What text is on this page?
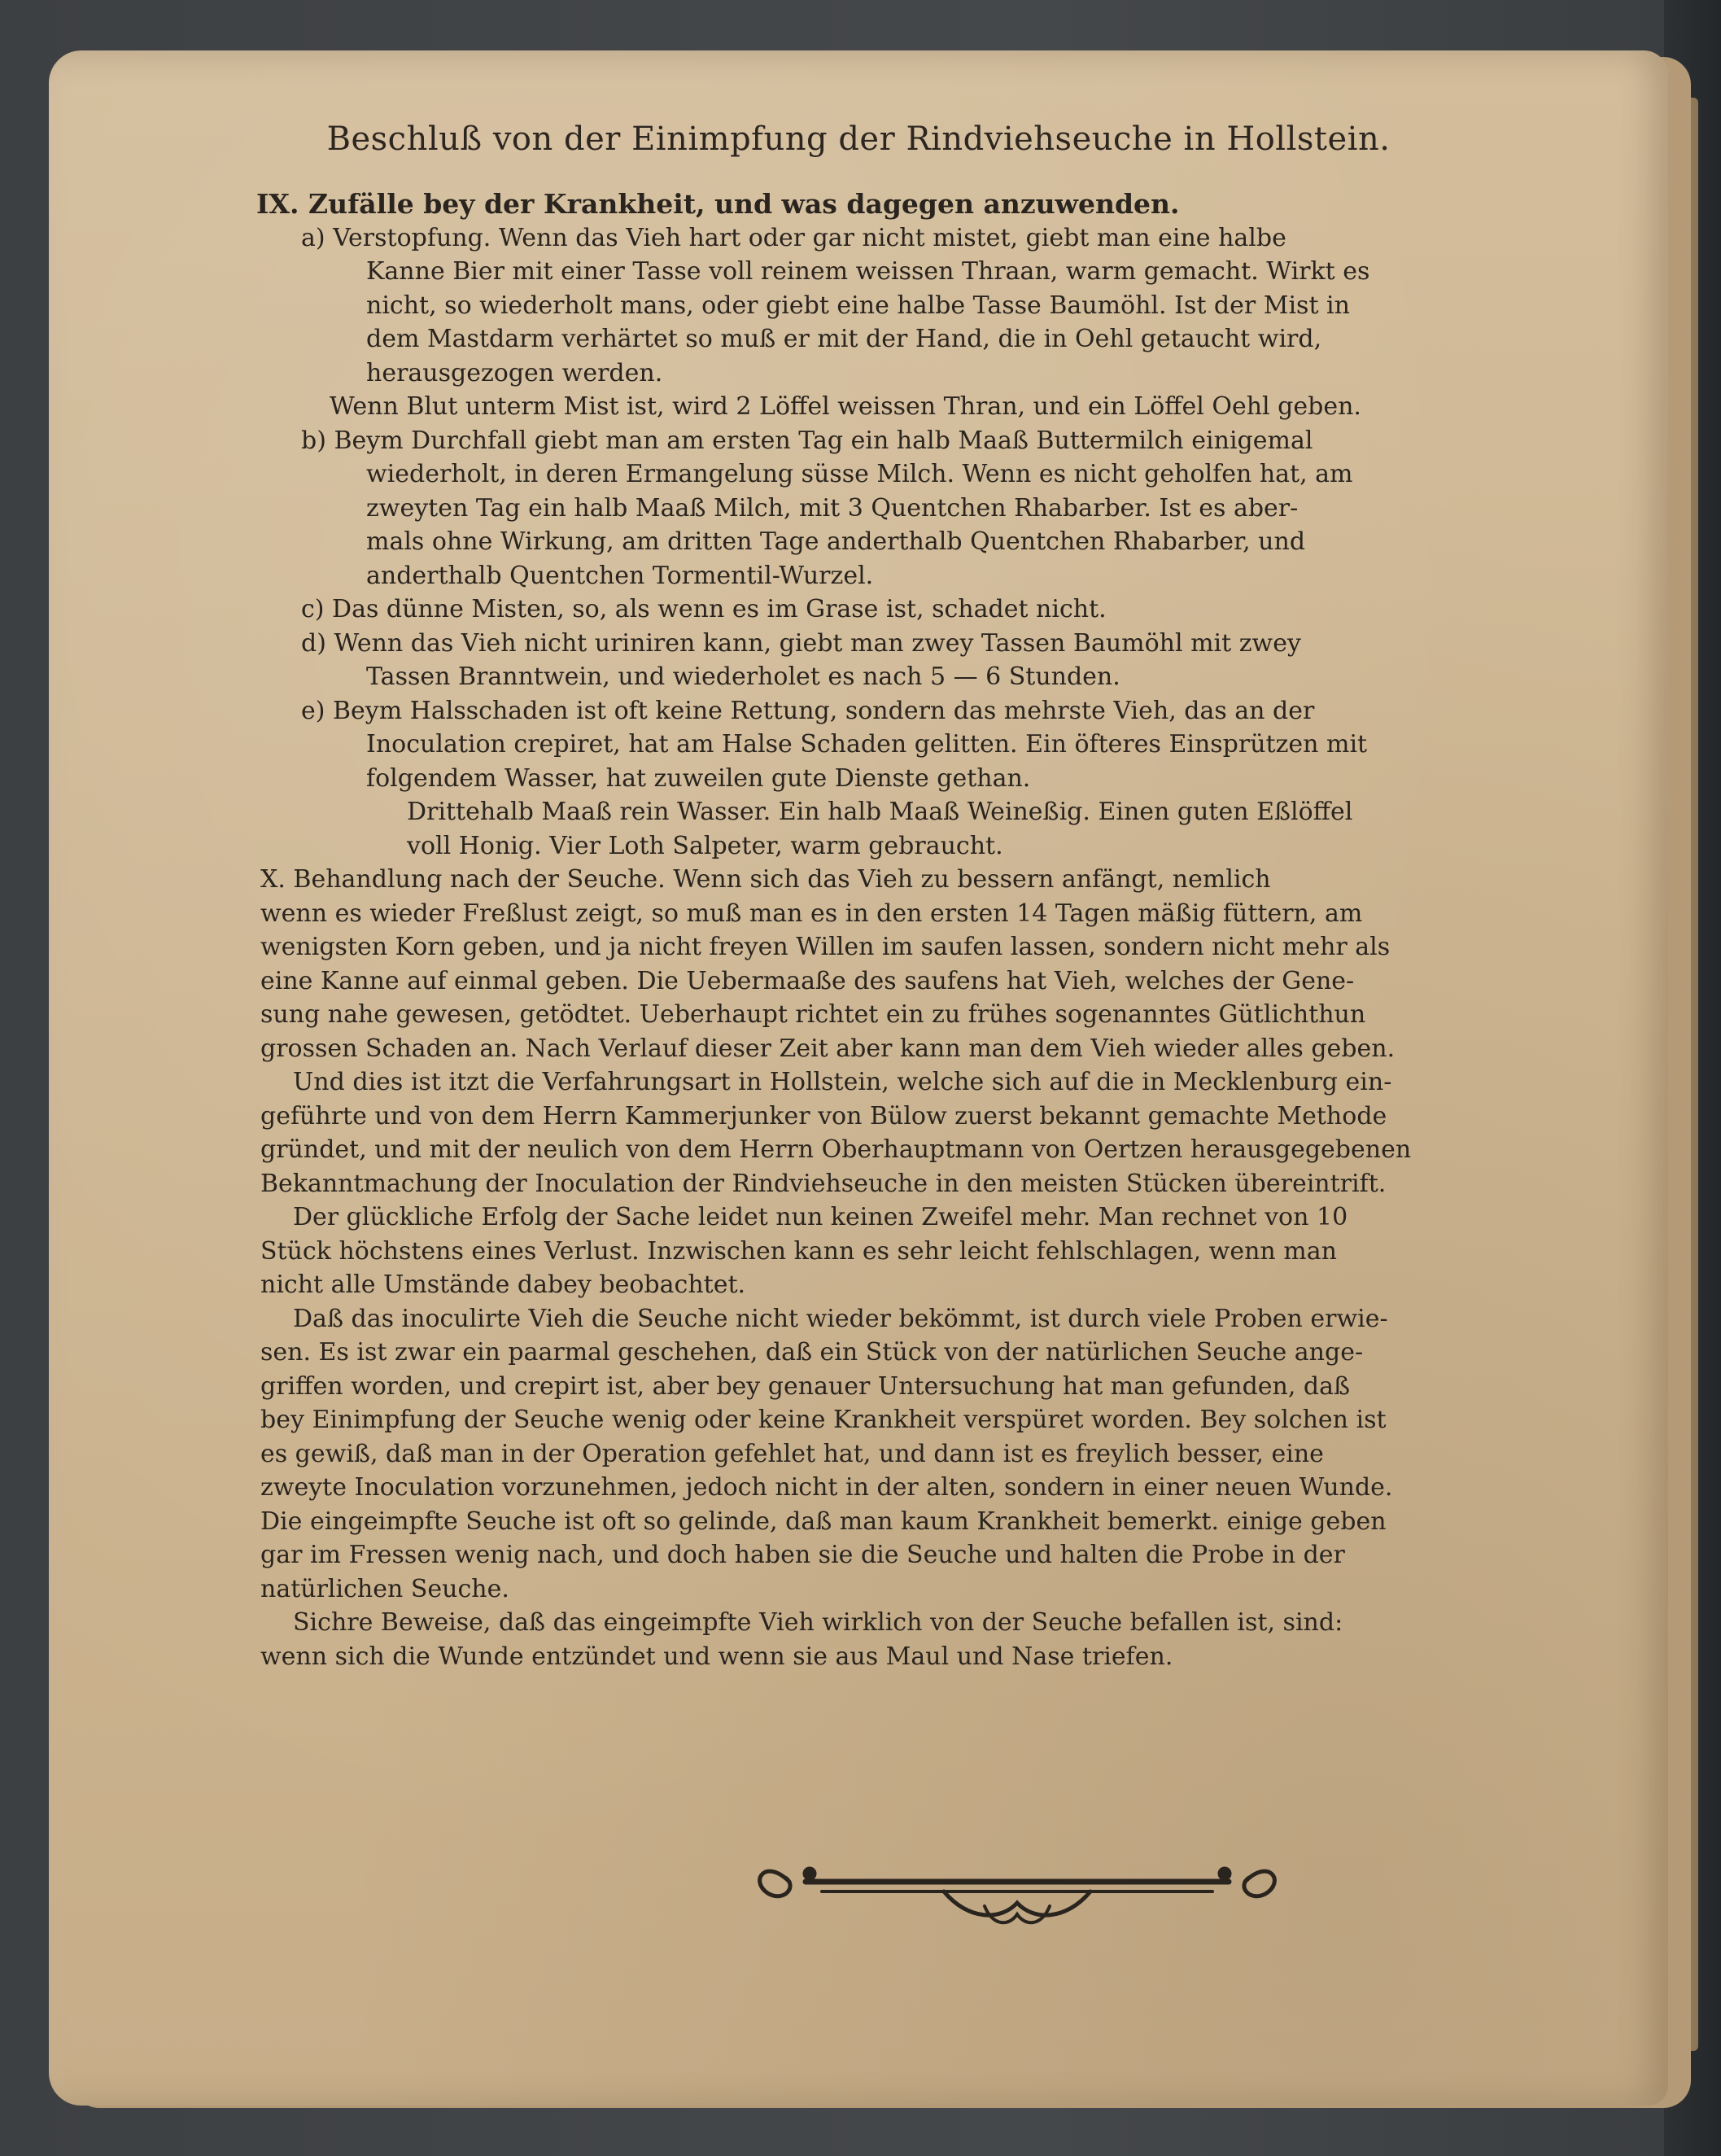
Beschluß von der Einimpfung der Rindviehseuche in Hollstein.
IX. Zufälle bey der Krankheit, und was dagegen anzuwenden.
a) Verstopfung. Wenn das Vieh hart oder gar nicht mistet, giebt man eine halbe
Kanne Bier mit einer Tasse voll reinem weissen Thraan, warm gemacht. Wirkt es
nicht, so wiederholt mans, oder giebt eine halbe Tasse Baumöhl. Ist der Mist in
dem Mastdarm verhärtet so muß er mit der Hand, die in Oehl getaucht wird,
herausgezogen werden.
Wenn Blut unterm Mist ist, wird 2 Löffel weissen Thran, und ein Löffel Oehl geben.
b) Beym Durchfall giebt man am ersten Tag ein halb Maaß Buttermilch einigemal
wiederholt, in deren Ermangelung süsse Milch. Wenn es nicht geholfen hat, am
zweyten Tag ein halb Maaß Milch, mit 3 Quentchen Rhabarber. Ist es aber-
mals ohne Wirkung, am dritten Tage anderthalb Quentchen Rhabarber, und
anderthalb Quentchen Tormentil-Wurzel.
c) Das dünne Misten, so, als wenn es im Grase ist, schadet nicht.
d) Wenn das Vieh nicht uriniren kann, giebt man zwey Tassen Baumöhl mit zwey
Tassen Branntwein, und wiederholet es nach 5 — 6 Stunden.
e) Beym Halsschaden ist oft keine Rettung, sondern das mehrste Vieh, das an der
Inoculation crepiret, hat am Halse Schaden gelitten. Ein öfteres Einsprützen mit
folgendem Wasser, hat zuweilen gute Dienste gethan.
Drittehalb Maaß rein Wasser. Ein halb Maaß Weineßig. Einen guten Eßlöffel
voll Honig. Vier Loth Salpeter, warm gebraucht.
X. Behandlung nach der Seuche. Wenn sich das Vieh zu bessern anfängt, nemlich
wenn es wieder Freßlust zeigt, so muß man es in den ersten 14 Tagen mäßig füttern, am
wenigsten Korn geben, und ja nicht freyen Willen im saufen lassen, sondern nicht mehr als
eine Kanne auf einmal geben. Die Uebermaaße des saufens hat Vieh, welches der Gene-
sung nahe gewesen, getödtet. Ueberhaupt richtet ein zu frühes sogenanntes Gütlichthun
grossen Schaden an. Nach Verlauf dieser Zeit aber kann man dem Vieh wieder alles geben.
Und dies ist itzt die Verfahrungsart in Hollstein, welche sich auf die in Mecklenburg ein-
geführte und von dem Herrn Kammerjunker von Bülow zuerst bekannt gemachte Methode
gründet, und mit der neulich von dem Herrn Oberhauptmann von Oertzen herausgegebenen
Bekanntmachung der Inoculation der Rindviehseuche in den meisten Stücken übereintrift.
Der glückliche Erfolg der Sache leidet nun keinen Zweifel mehr. Man rechnet von 10
Stück höchstens eines Verlust. Inzwischen kann es sehr leicht fehlschlagen, wenn man
nicht alle Umstände dabey beobachtet.
Daß das inoculirte Vieh die Seuche nicht wieder bekömmt, ist durch viele Proben erwie-
sen. Es ist zwar ein paarmal geschehen, daß ein Stück von der natürlichen Seuche ange-
griffen worden, und crepirt ist, aber bey genauer Untersuchung hat man gefunden, daß
bey Einimpfung der Seuche wenig oder keine Krankheit verspüret worden. Bey solchen ist
es gewiß, daß man in der Operation gefehlet hat, und dann ist es freylich besser, eine
zweyte Inoculation vorzunehmen, jedoch nicht in der alten, sondern in einer neuen Wunde.
Die eingeimpfte Seuche ist oft so gelinde, daß man kaum Krankheit bemerkt. einige geben
gar im Fressen wenig nach, und doch haben sie die Seuche und halten die Probe in der
natürlichen Seuche.
Sichre Beweise, daß das eingeimpfte Vieh wirklich von der Seuche befallen ist, sind:
wenn sich die Wunde entzündet und wenn sie aus Maul und Nase triefen.
